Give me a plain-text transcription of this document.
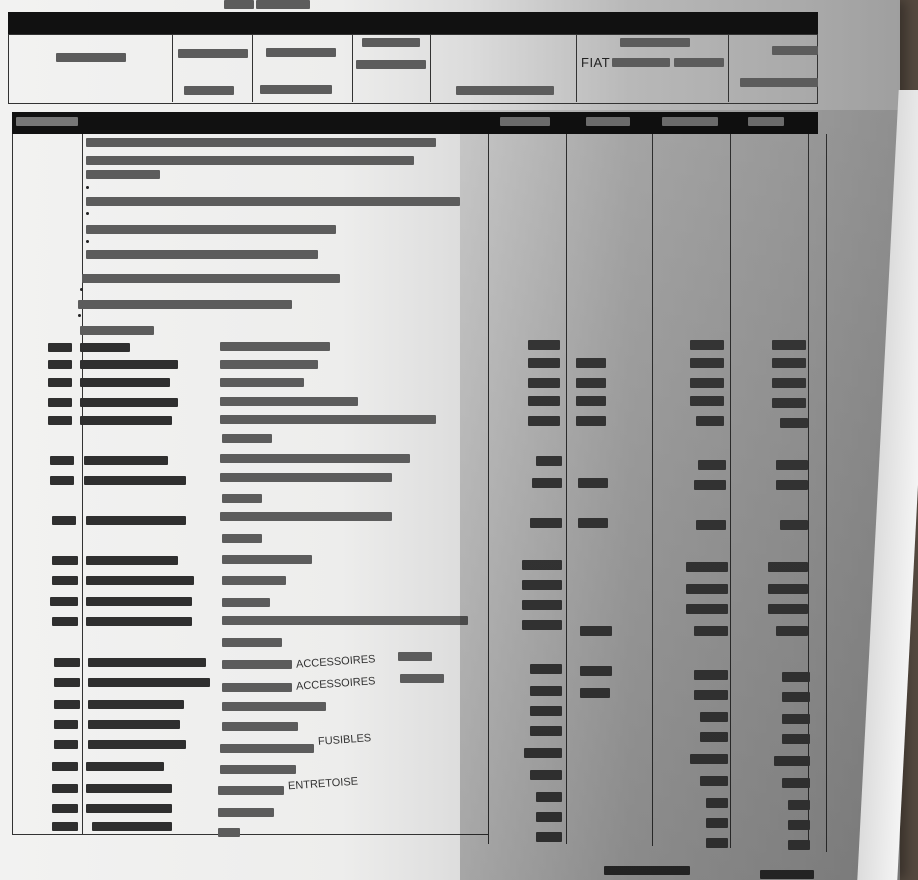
FIAT
ACCESSOIRES
ACCESSOIRES
FUSIBLES
ENTRETOISE
